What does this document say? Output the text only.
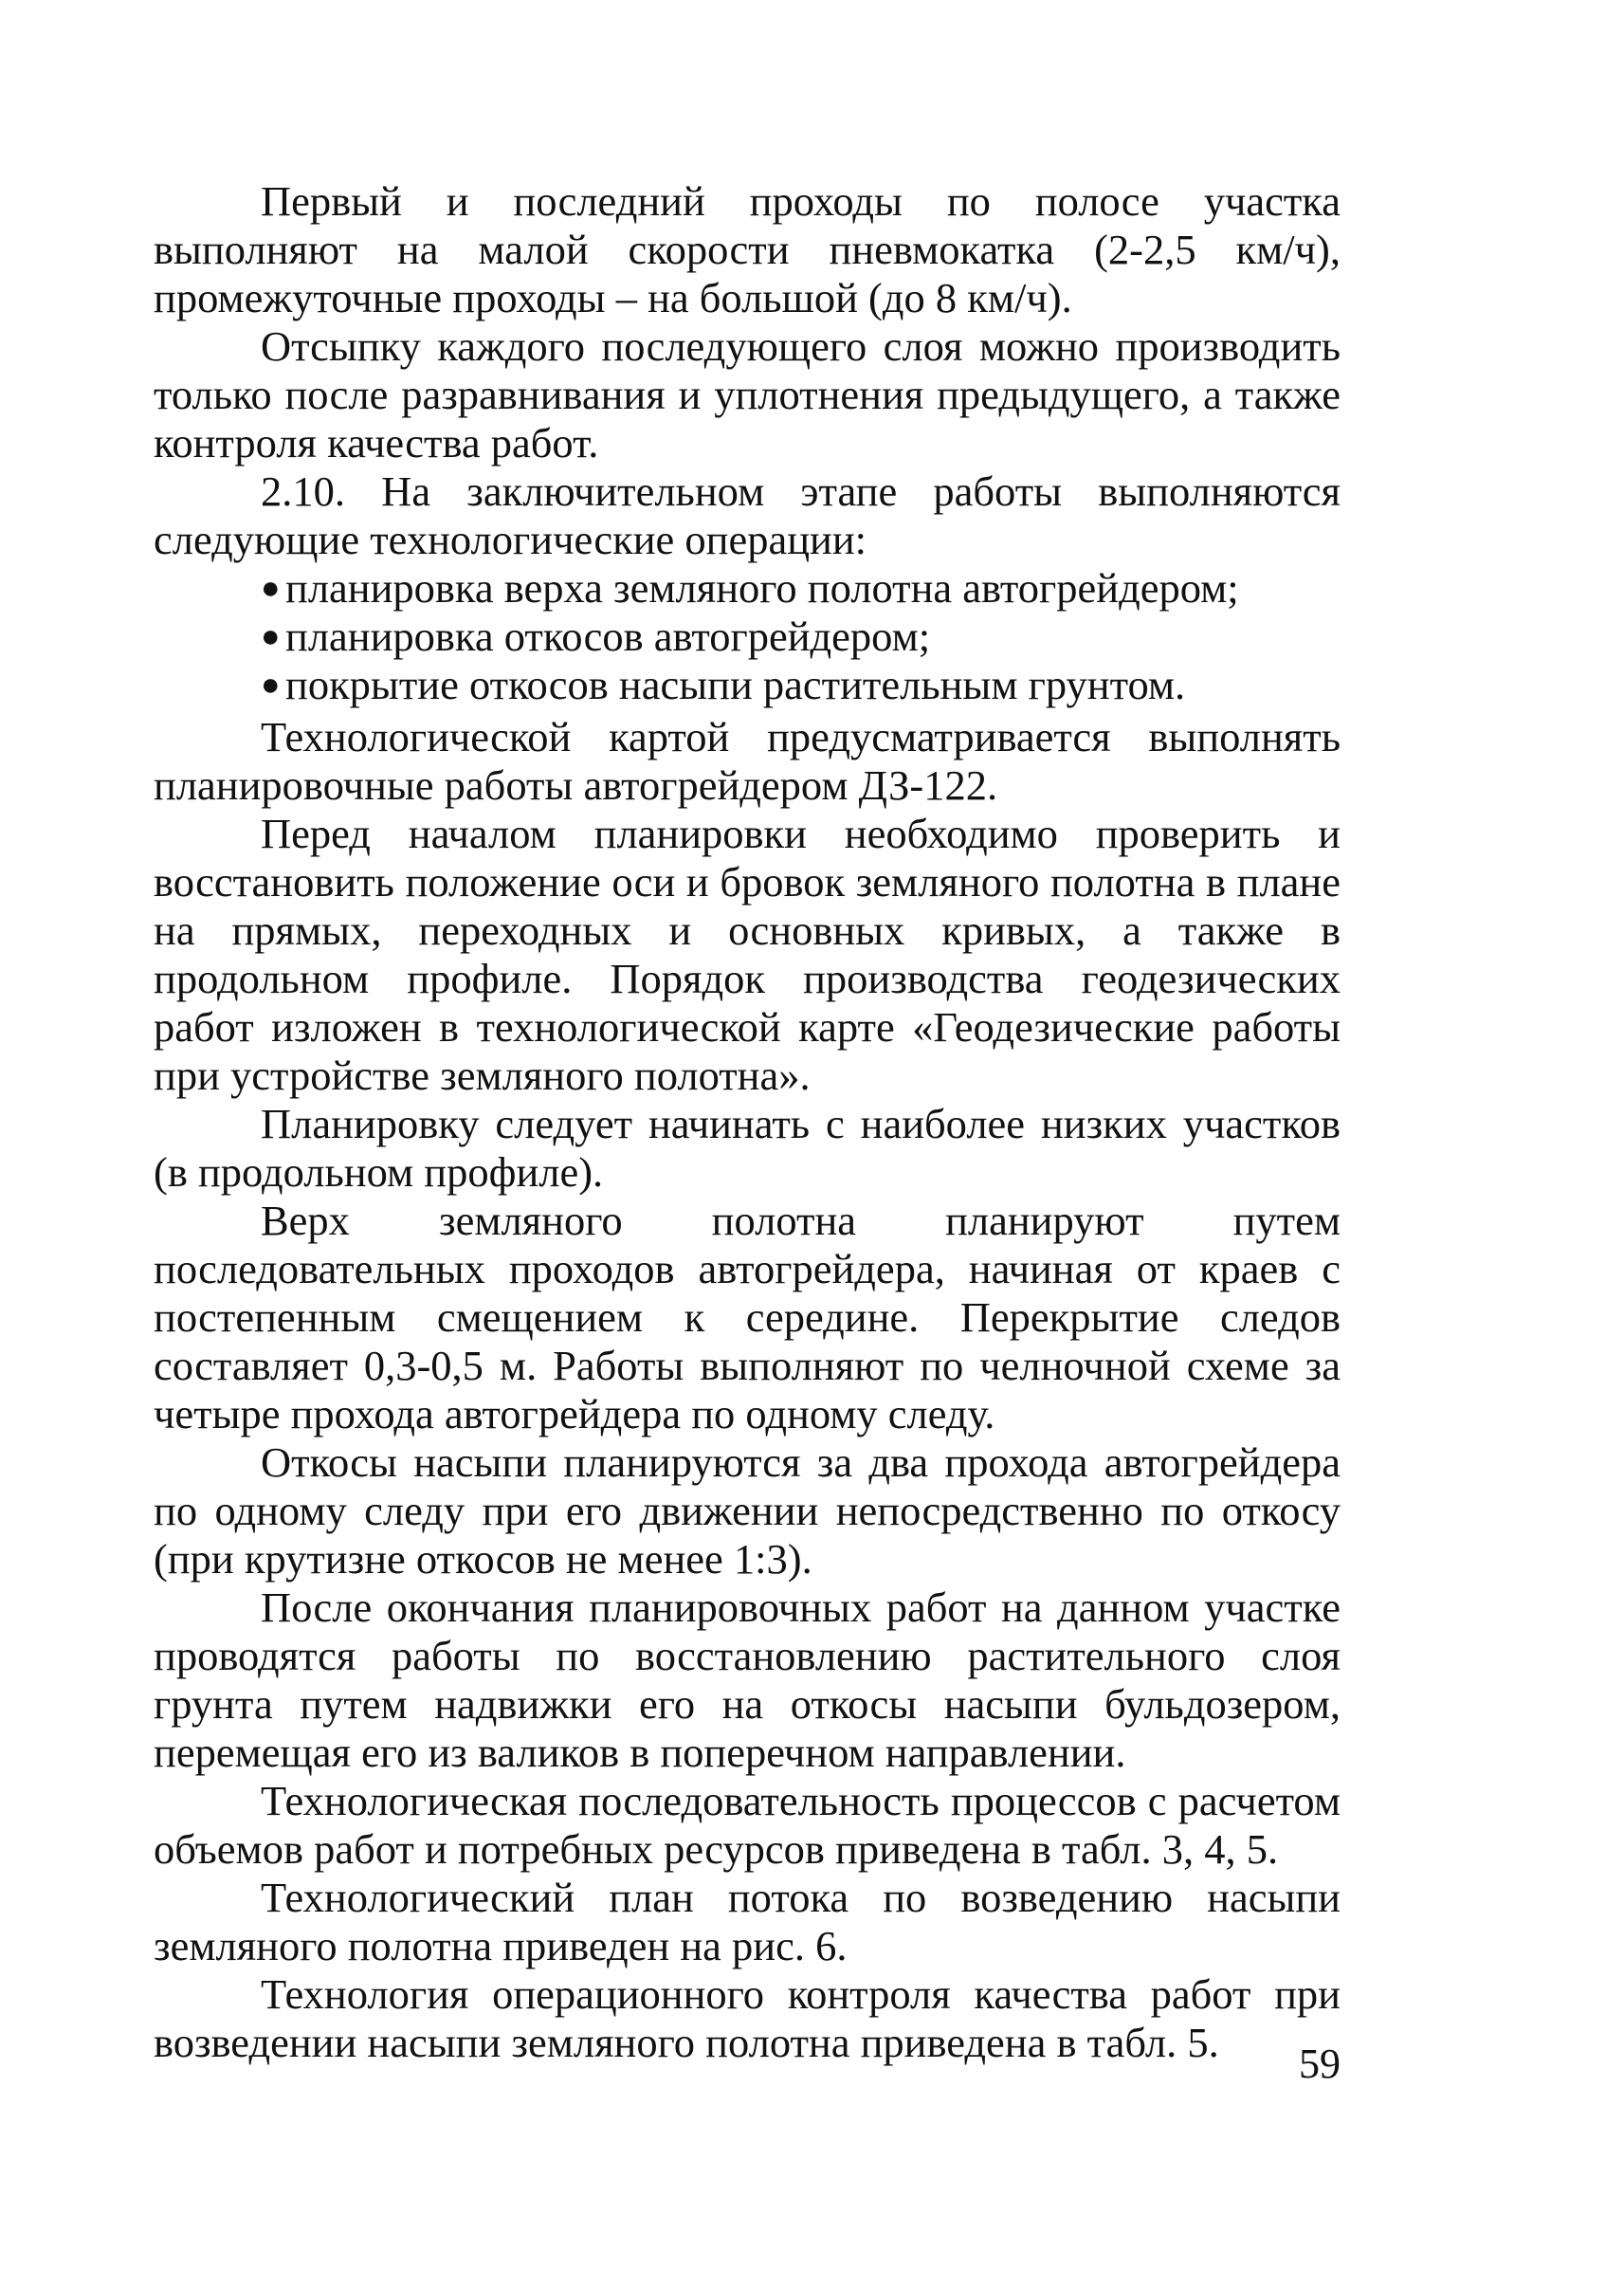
Первый и последний проходы по полосе участка выполняют на малой скорости пневмокатка (2-2,5 км/ч), промежуточные проходы – на большой (до 8 км/ч).

Отсыпку каждого последующего слоя можно производить только после разравнивания и уплотнения предыдущего, а также контроля качества работ.

2.10. На заключительном этапе работы выполняются следующие технологические операции:

● планировка верха земляного полотна автогрейдером;
● планировка откосов автогрейдером;
● покрытие откосов насыпи растительным грунтом.

Технологической картой предусматривается выполнять планировочные работы автогрейдером ДЗ-122.

Перед началом планировки необходимо проверить и восстановить положение оси и бровок земляного полотна в плане на прямых, переходных и основных кривых, а также в продольном профиле. Порядок производства геодезических работ изложен в технологической карте «Геодезические работы при устройстве земляного полотна».

Планировку следует начинать с наиболее низких участков (в продольном профиле).

Верх земляного полотна планируют путем последовательных проходов автогрейдера, начиная от краев с постепенным смещением к середине. Перекрытие следов составляет 0,3-0,5 м. Работы выполняют по челночной схеме за четыре прохода автогрейдера по одному следу.

Откосы насыпи планируются за два прохода автогрейдера по одному следу при его движении непосредственно по откосу (при крутизне откосов не менее 1:3).

После окончания планировочных работ на данном участке проводятся работы по восстановлению растительного слоя грунта путем надвижки его на откосы насыпи бульдозером, перемещая его из валиков в поперечном направлении.

Технологическая последовательность процессов с расчетом объемов работ и потребных ресурсов приведена в табл. 3, 4, 5.

Технологический план потока по возведению насыпи земляного полотна приведен на рис. 6.

Технология операционного контроля качества работ при возведении насыпи земляного полотна приведена в табл. 5.	59
